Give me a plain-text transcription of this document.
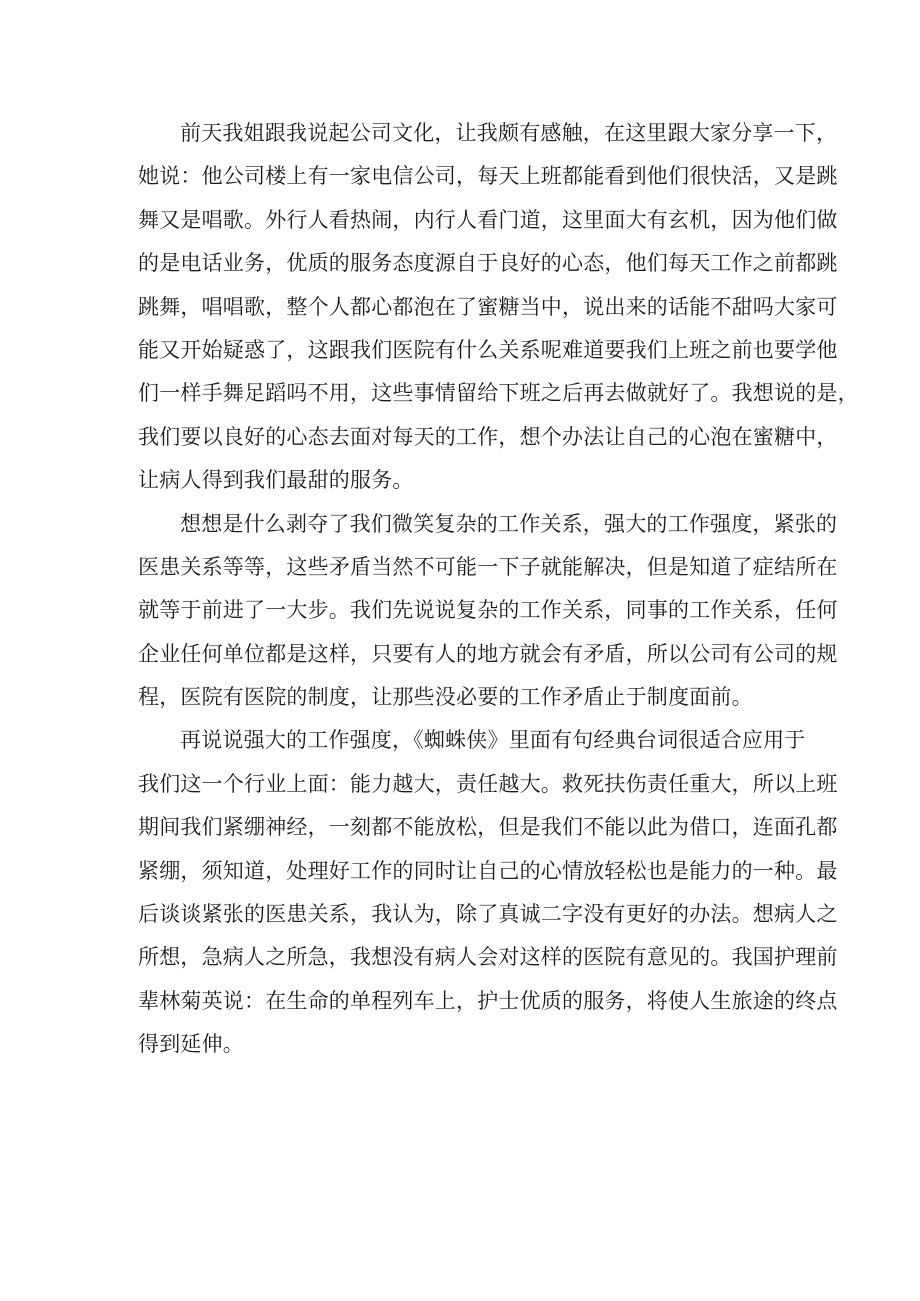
前天我姐跟我说起公司文化，让我颇有感触，在这里跟大家分享一下，
她说：他公司楼上有一家电信公司，每天上班都能看到他们很快活，又是跳
舞又是唱歌。外行人看热闹，内行人看门道，这里面大有玄机，因为他们做
的是电话业务，优质的服务态度源自于良好的心态，他们每天工作之前都跳
跳舞，唱唱歌，整个人都心都泡在了蜜糖当中，说出来的话能不甜吗大家可
能又开始疑惑了，这跟我们医院有什么关系呢难道要我们上班之前也要学他
们一样手舞足蹈吗不用，这些事情留给下班之后再去做就好了。我想说的是，
我们要以良好的心态去面对每天的工作，想个办法让自己的心泡在蜜糖中，
让病人得到我们最甜的服务。
想想是什么剥夺了我们微笑复杂的工作关系，强大的工作强度，紧张的
医患关系等等，这些矛盾当然不可能一下子就能解决，但是知道了症结所在
就等于前进了一大步。我们先说说复杂的工作关系，同事的工作关系，任何
企业任何单位都是这样，只要有人的地方就会有矛盾，所以公司有公司的规
程，医院有医院的制度，让那些没必要的工作矛盾止于制度面前。
再说说强大的工作强度，《蜘蛛侠》里面有句经典台词很适合应用于
我们这一个行业上面：能力越大，责任越大。救死扶伤责任重大，所以上班
期间我们紧绷神经，一刻都不能放松，但是我们不能以此为借口，连面孔都
紧绷，须知道，处理好工作的同时让自己的心情放轻松也是能力的一种。最
后谈谈紧张的医患关系，我认为，除了真诚二字没有更好的办法。想病人之
所想，急病人之所急，我想没有病人会对这样的医院有意见的。我国护理前
辈林菊英说：在生命的单程列车上，护士优质的服务，将使人生旅途的终点
得到延伸。
